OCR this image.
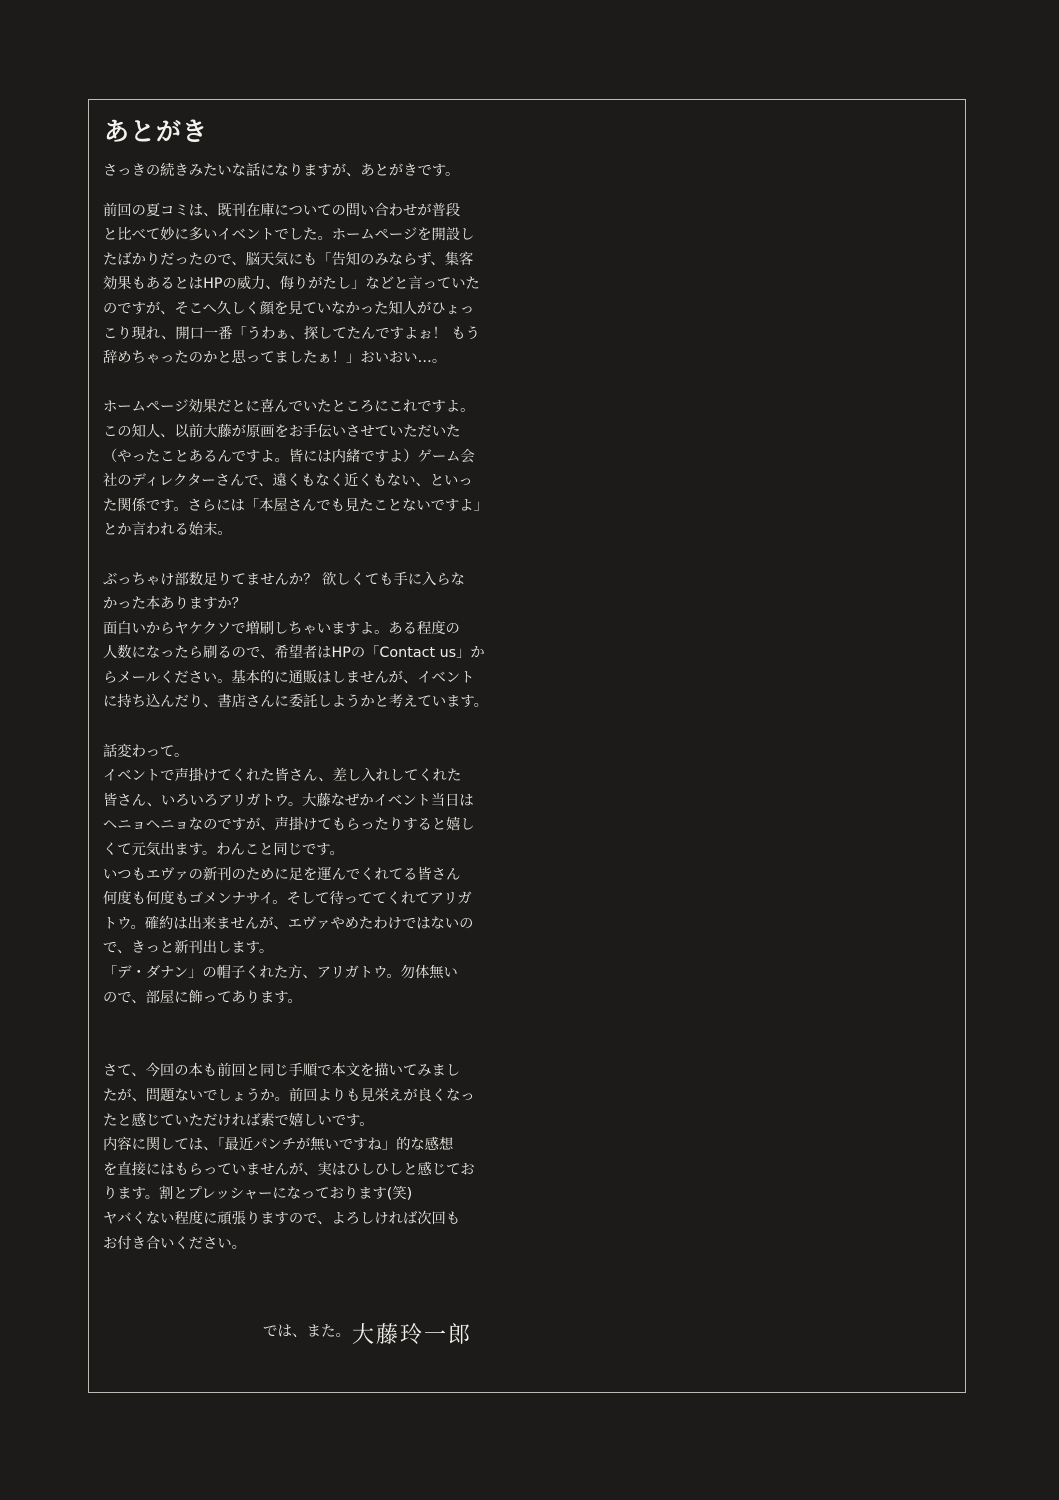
あとがき

さっきの続きみたいな話になりますが、あとがきです。

前回の夏コミは、既刊在庫についての問い合わせが普段
と比べて妙に多いイベントでした。ホームページを開設し
たばかりだったので、脳天気にも「告知のみならず、集客
効果もあるとはHPの威力、侮りがたし」などと言っていた
のですが、そこへ久しく顔を見ていなかった知人がひょっ
こり現れ、開口一番「うわぁ、探してたんですよぉ！ もう
辞めちゃったのかと思ってましたぁ！」おいおい…。

ホームページ効果だとに喜んでいたところにこれですよ。
この知人、以前大藤が原画をお手伝いさせていただいた
（やったことあるんですよ。皆には内緒ですよ）ゲーム会
社のディレクターさんで、遠くもなく近くもない、といっ
た関係です。さらには「本屋さんでも見たことないですよ」
とか言われる始末。

ぶっちゃけ部数足りてませんか？ 欲しくても手に入らな
かった本ありますか？
面白いからヤケクソで増刷しちゃいますよ。ある程度の
人数になったら刷るので、希望者はHPの「Contact us」か
らメールください。基本的に通販はしませんが、イベント
に持ち込んだり、書店さんに委託しようかと考えています。

話変わって。
イベントで声掛けてくれた皆さん、差し入れしてくれた
皆さん、いろいろアリガトウ。大藤なぜかイベント当日は
ヘニョヘニョなのですが、声掛けてもらったりすると嬉し
くて元気出ます。わんこと同じです。
いつもエヴァの新刊のために足を運んでくれてる皆さん
何度も何度もゴメンナサイ。そして待っててくれてアリガ
トウ。確約は出来ませんが、エヴァやめたわけではないの
で、きっと新刊出します。
「デ・ダナン」の帽子くれた方、アリガトウ。勿体無い
ので、部屋に飾ってあります。

さて、今回の本も前回と同じ手順で本文を描いてみまし
たが、問題ないでしょうか。前回よりも見栄えが良くなっ
たと感じていただければ素で嬉しいです。
内容に関しては、「最近パンチが無いですね」的な感想
を直接にはもらっていませんが、実はひしひしと感じてお
ります。割とプレッシャーになっております(笑)
ヤバくない程度に頑張りますので、よろしければ次回も
お付き合いください。

では、また。 大藤玲一郎
